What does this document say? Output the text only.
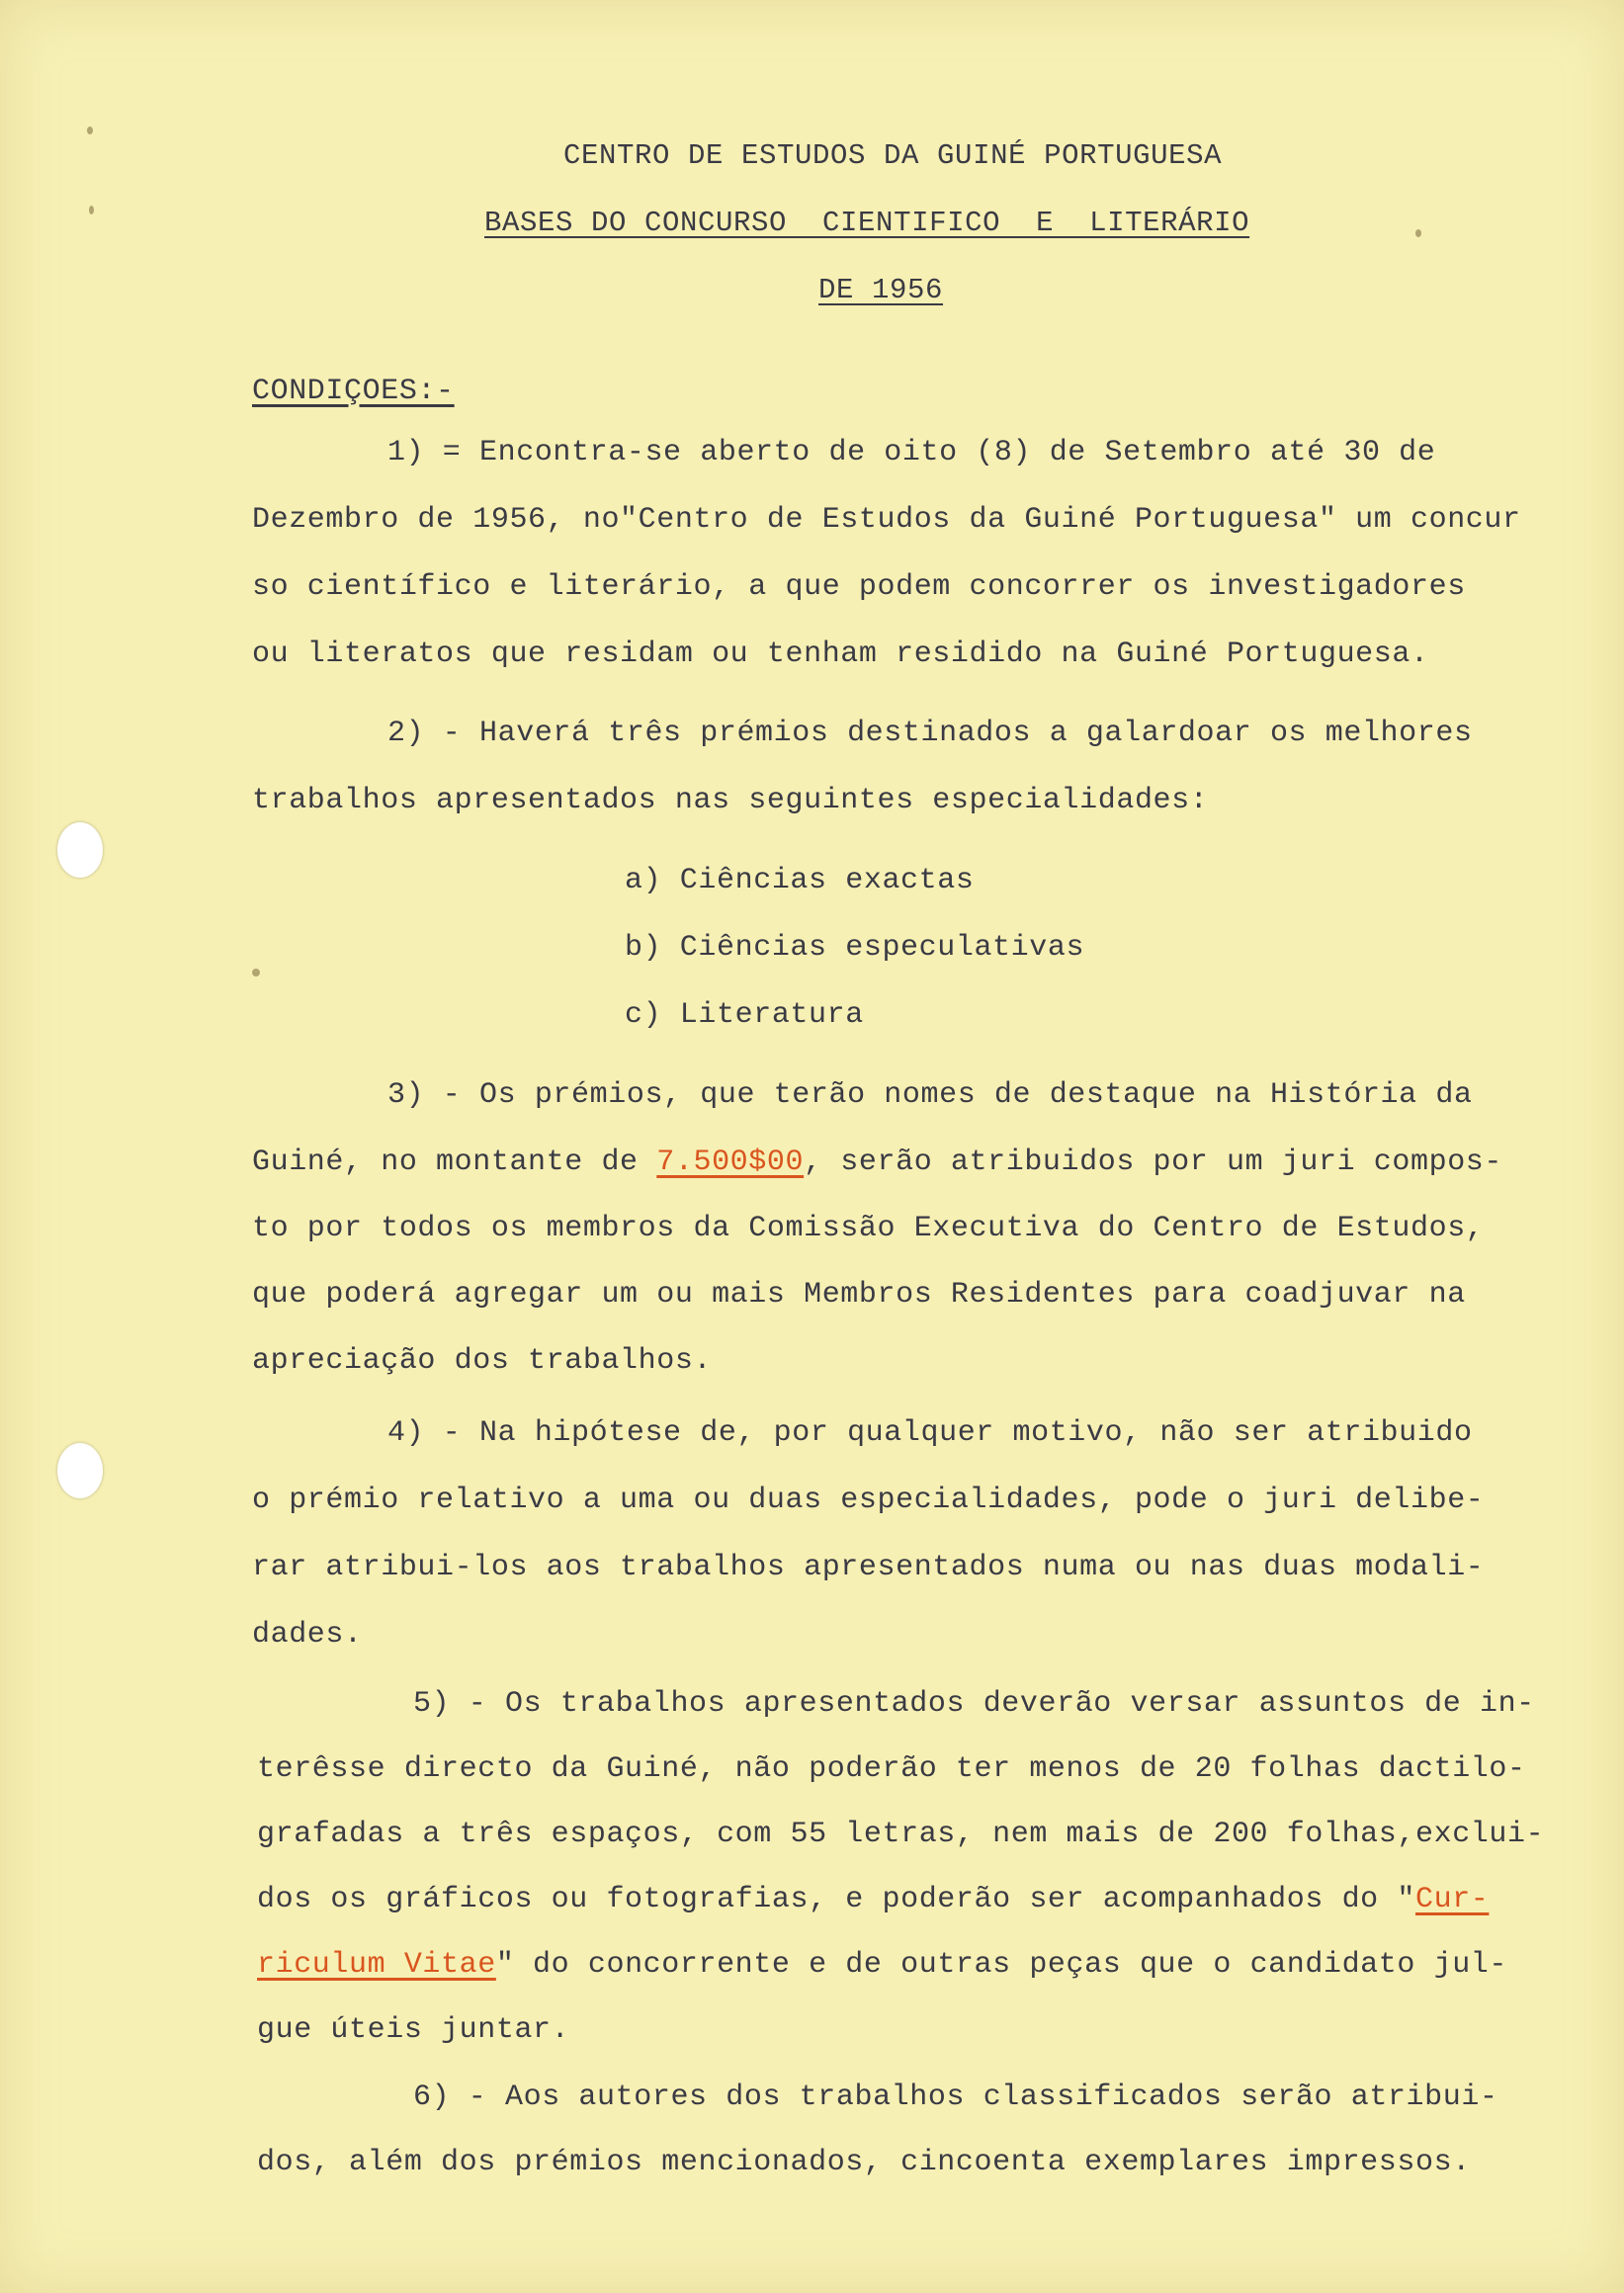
CENTRO DE ESTUDOS DA GUINÉ PORTUGUESA
BASES DO CONCURSO  CIENTIFICO  E  LITERÁRIO
DE 1956
CONDIÇOES:-
1) = Encontra-se aberto de oito (8) de Setembro até 30 de
Dezembro de 1956, no"Centro de Estudos da Guiné Portuguesa" um concur
so científico e literário, a que podem concorrer os investigadores
ou literatos que residam ou tenham residido na Guiné Portuguesa.
2) - Haverá três prémios destinados a galardoar os melhores
trabalhos apresentados nas seguintes especialidades:
a) Ciências exactas
b) Ciências especulativas
c) Literatura
3) - Os prémios, que terão nomes de destaque na História da
Guiné, no montante de 7.500$00, serão atribuidos por um juri compos-
to por todos os membros da Comissão Executiva do Centro de Estudos,
que poderá agregar um ou mais Membros Residentes para coadjuvar na
apreciação dos trabalhos.
4) - Na hipótese de, por qualquer motivo, não ser atribuido
o prémio relativo a uma ou duas especialidades, pode o juri delibe-
rar atribui-los aos trabalhos apresentados numa ou nas duas modali-
dades.
5) - Os trabalhos apresentados deverão versar assuntos de in-
terêsse directo da Guiné, não poderão ter menos de 20 folhas dactilo-
grafadas a três espaços, com 55 letras, nem mais de 200 folhas,exclui-
dos os gráficos ou fotografias, e poderão ser acompanhados do "Cur-
riculum Vitae" do concorrente e de outras peças que o candidato jul-
gue úteis juntar.
6) - Aos autores dos trabalhos classificados serão atribui-
dos, além dos prémios mencionados, cincoenta exemplares impressos.
